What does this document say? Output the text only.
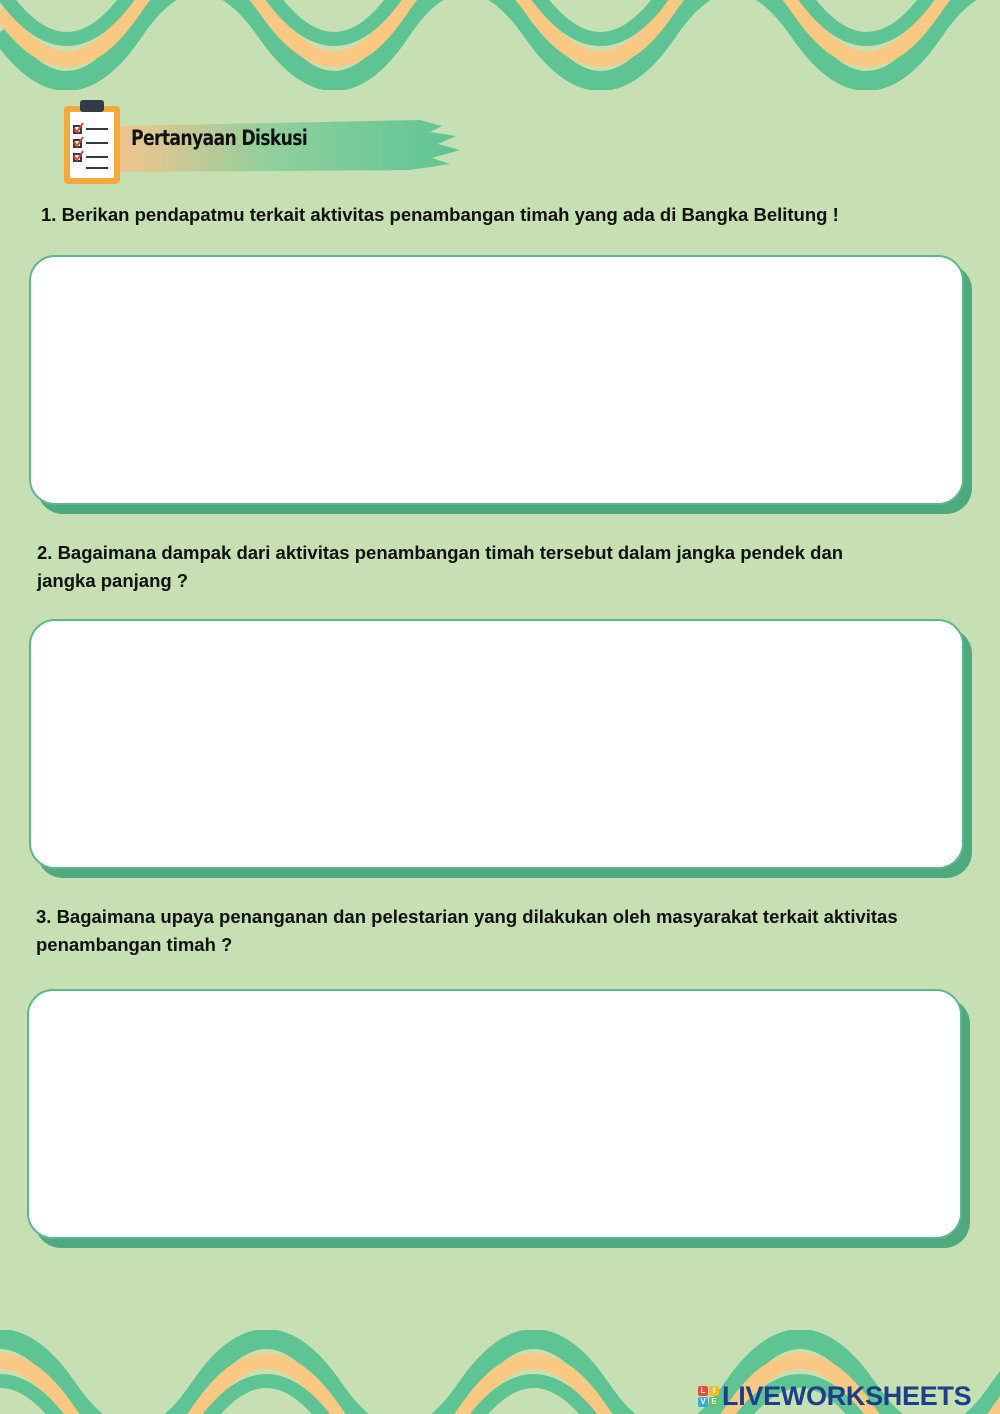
Pertanyaan Diskusi
1. Berikan pendapatmu terkait aktivitas penambangan timah yang ada di Bangka Belitung !
2. Bagaimana dampak dari aktivitas penambangan timah tersebut dalam jangka pendek dan
jangka panjang ?
3. Bagaimana upaya penanganan dan pelestarian yang dilakukan oleh masyarakat terkait aktivitas
penambangan timah ?
L I
V E LIVEWORKSHEETS
